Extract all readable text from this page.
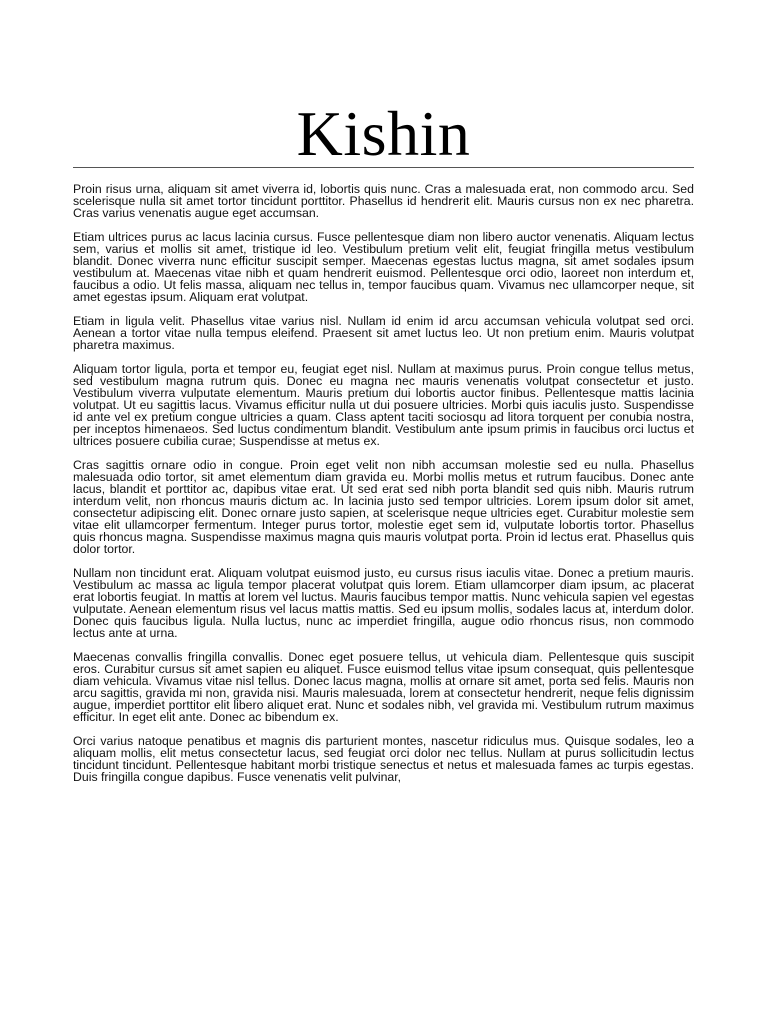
Kishin

Proin risus urna, aliquam sit amet viverra id, lobortis quis nunc. Cras a malesuada erat, non commodo arcu. Sed scelerisque nulla sit amet tortor tincidunt porttitor. Phasellus id hendrerit elit. Mauris cursus non ex nec pharetra. Cras varius venenatis augue eget accumsan.

Etiam ultrices purus ac lacus lacinia cursus. Fusce pellentesque diam non libero auctor venenatis. Aliquam lectus sem, varius et mollis sit amet, tristique id leo. Vestibulum pretium velit elit, feugiat fringilla metus vestibulum blandit. Donec viverra nunc efficitur suscipit semper. Maecenas egestas luctus magna, sit amet sodales ipsum vestibulum at. Maecenas vitae nibh et quam hendrerit euismod. Pellentesque orci odio, laoreet non interdum et, faucibus a odio. Ut felis massa, aliquam nec tellus in, tempor faucibus quam. Vivamus nec ullamcorper neque, sit amet egestas ipsum. Aliquam erat volutpat.

Etiam in ligula velit. Phasellus vitae varius nisl. Nullam id enim id arcu accumsan vehicula volutpat sed orci. Aenean a tortor vitae nulla tempus eleifend. Praesent sit amet luctus leo. Ut non pretium enim. Mauris volutpat pharetra maximus.

Aliquam tortor ligula, porta et tempor eu, feugiat eget nisl. Nullam at maximus purus. Proin congue tellus metus, sed vestibulum magna rutrum quis. Donec eu magna nec mauris venenatis volutpat consectetur et justo. Vestibulum viverra vulputate elementum. Mauris pretium dui lobortis auctor finibus. Pellentesque mattis lacinia volutpat. Ut eu sagittis lacus. Vivamus efficitur nulla ut dui posuere ultricies. Morbi quis iaculis justo. Suspendisse id ante vel ex pretium congue ultricies a quam. Class aptent taciti sociosqu ad litora torquent per conubia nostra, per inceptos himenaeos. Sed luctus condimentum blandit. Vestibulum ante ipsum primis in faucibus orci luctus et ultrices posuere cubilia curae; Suspendisse at metus ex.

Cras sagittis ornare odio in congue. Proin eget velit non nibh accumsan molestie sed eu nulla. Phasellus malesuada odio tortor, sit amet elementum diam gravida eu. Morbi mollis metus et rutrum faucibus. Donec ante lacus, blandit et porttitor ac, dapibus vitae erat. Ut sed erat sed nibh porta blandit sed quis nibh. Mauris rutrum interdum velit, non rhoncus mauris dictum ac. In lacinia justo sed tempor ultricies. Lorem ipsum dolor sit amet, consectetur adipiscing elit. Donec ornare justo sapien, at scelerisque neque ultricies eget. Curabitur molestie sem vitae elit ullamcorper fermentum. Integer purus tortor, molestie eget sem id, vulputate lobortis tortor. Phasellus quis rhoncus magna. Suspendisse maximus magna quis mauris volutpat porta. Proin id lectus erat. Phasellus quis dolor tortor.

Nullam non tincidunt erat. Aliquam volutpat euismod justo, eu cursus risus iaculis vitae. Donec a pretium mauris. Vestibulum ac massa ac ligula tempor placerat volutpat quis lorem. Etiam ullamcorper diam ipsum, ac placerat erat lobortis feugiat. In mattis at lorem vel luctus. Mauris faucibus tempor mattis. Nunc vehicula sapien vel egestas vulputate. Aenean elementum risus vel lacus mattis mattis. Sed eu ipsum mollis, sodales lacus at, interdum dolor. Donec quis faucibus ligula. Nulla luctus, nunc ac imperdiet fringilla, augue odio rhoncus risus, non commodo lectus ante at urna.

Maecenas convallis fringilla convallis. Donec eget posuere tellus, ut vehicula diam. Pellentesque quis suscipit eros. Curabitur cursus sit amet sapien eu aliquet. Fusce euismod tellus vitae ipsum consequat, quis pellentesque diam vehicula. Vivamus vitae nisl tellus. Donec lacus magna, mollis at ornare sit amet, porta sed felis. Mauris non arcu sagittis, gravida mi non, gravida nisi. Mauris malesuada, lorem at consectetur hendrerit, neque felis dignissim augue, imperdiet porttitor elit libero aliquet erat. Nunc et sodales nibh, vel gravida mi. Vestibulum rutrum maximus efficitur. In eget elit ante. Donec ac bibendum ex.

Orci varius natoque penatibus et magnis dis parturient montes, nascetur ridiculus mus. Quisque sodales, leo a aliquam mollis, elit metus consectetur lacus, sed feugiat orci dolor nec tellus. Nullam at purus sollicitudin lectus tincidunt tincidunt. Pellentesque habitant morbi tristique senectus et netus et malesuada fames ac turpis egestas. Duis fringilla congue dapibus. Fusce venenatis velit pulvinar,
